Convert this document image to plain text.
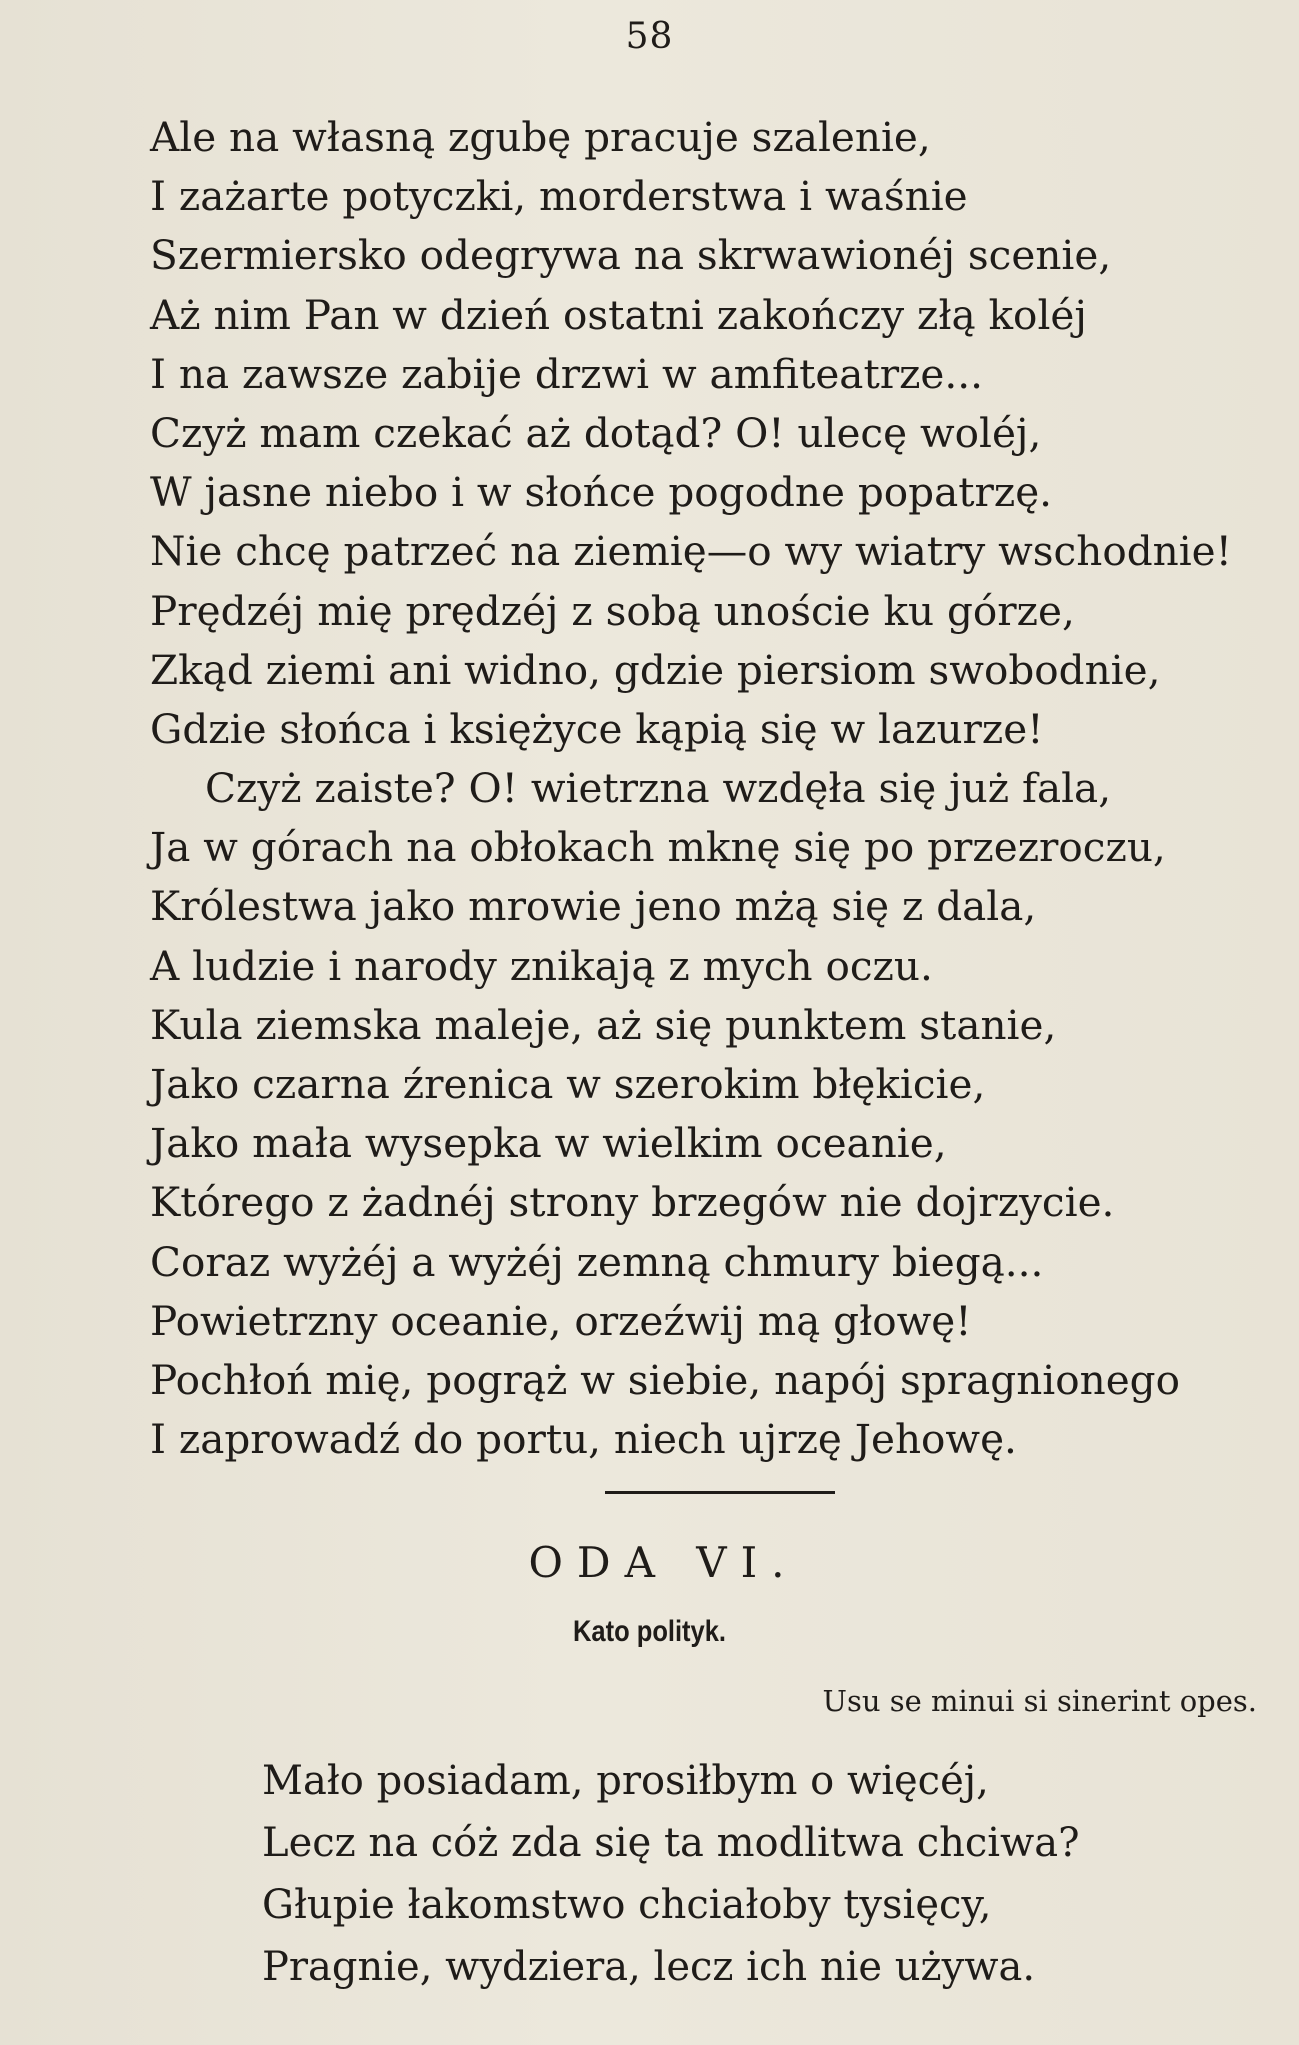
58
Ale na własną zgubę pracuje szalenie,
I zażarte potyczki, morderstwa i waśnie
Szermiersko odegrywa na skrwawionéj scenie,
Aż nim Pan w dzień ostatni zakończy złą koléj
I na zawsze zabije drzwi w amfiteatrze...
Czyż mam czekać aż dotąd? O! ulecę woléj,
W jasne niebo i w słońce pogodne popatrzę.
Nie chcę patrzeć na ziemię—o wy wiatry wschodnie!
Prędzéj mię prędzéj z sobą unoście ku górze,
Zkąd ziemi ani widno, gdzie piersiom swobodnie,
Gdzie słońca i księżyce kąpią się w lazurze!
Czyż zaiste? O! wietrzna wzdęła się już fala,
Ja w górach na obłokach mknę się po przezroczu,
Królestwa jako mrowie jeno mżą się z dala,
A ludzie i narody znikają z mych oczu.
Kula ziemska maleje, aż się punktem stanie,
Jako czarna źrenica w szerokim błękicie,
Jako mała wysepka w wielkim oceanie,
Którego z żadnéj strony brzegów nie dojrzycie.
Coraz wyżéj a wyżéj zemną chmury biegą...
Powietrzny oceanie, orzeźwij mą głowę!
Pochłoń mię, pogrąż w siebie, napój spragnionego
I zaprowadź do portu, niech ujrzę Jehowę.
ODA VI.
Kato polityk.
Usu se minui si sinerint opes.
Mało posiadam, prosiłbym o więcéj,
Lecz na cóż zda się ta modlitwa chciwa?
Głupie łakomstwo chciałoby tysięcy,
Pragnie, wydziera, lecz ich nie używa.
